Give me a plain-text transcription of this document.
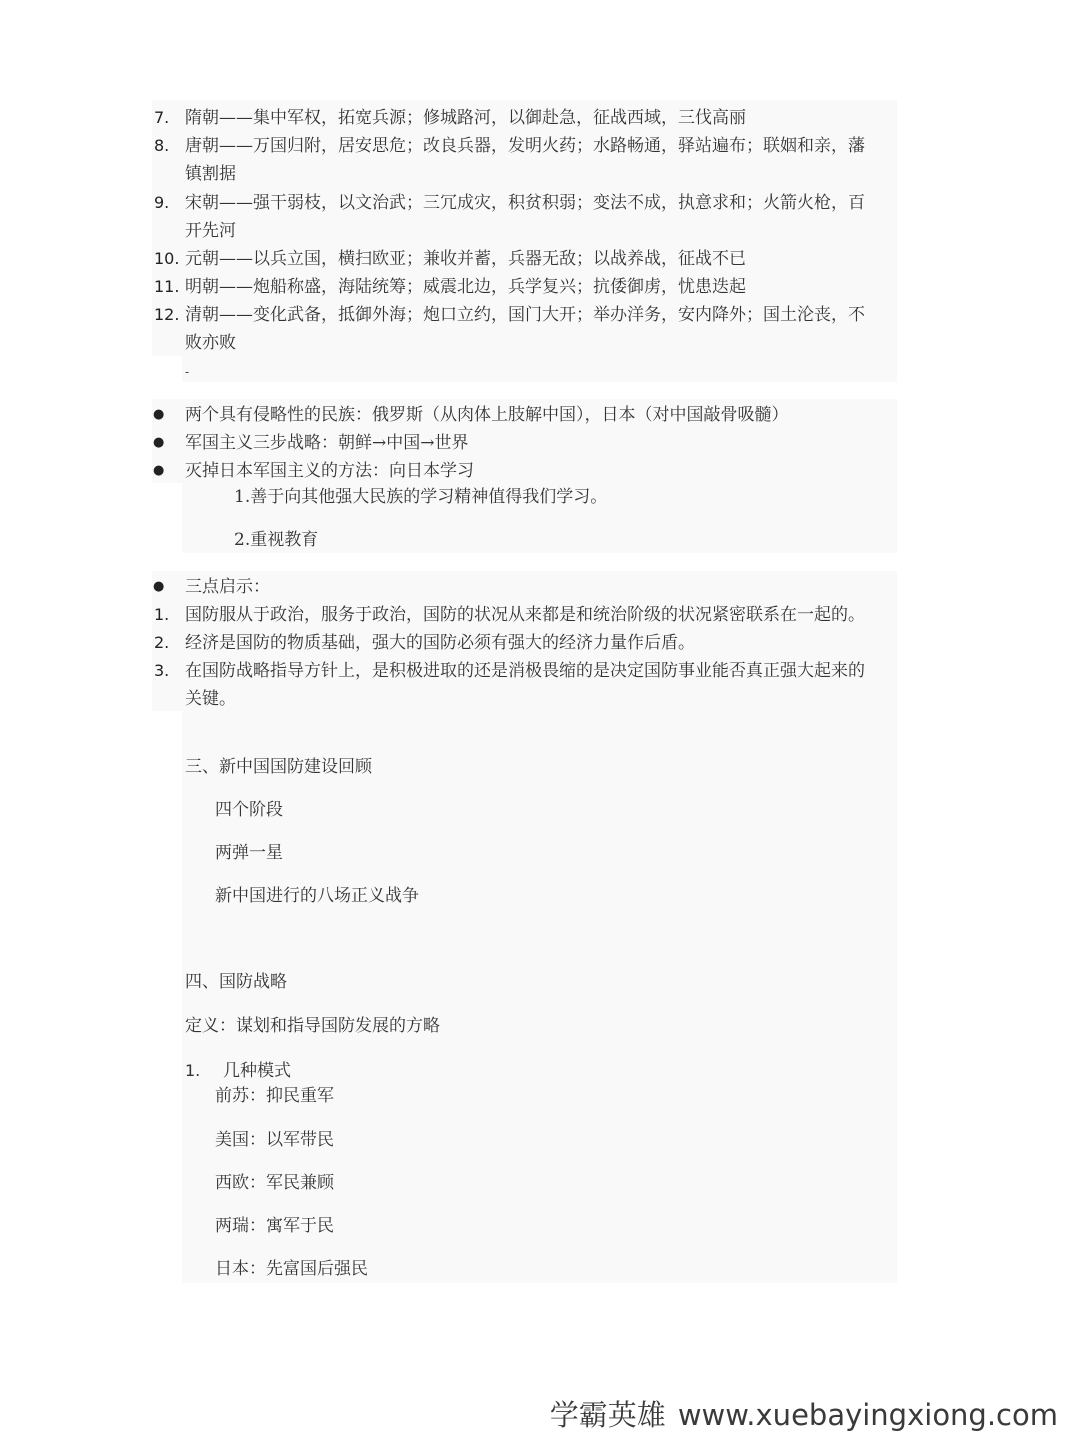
7. 隋朝——集中军权，拓宽兵源；修城路河，以御赴急，征战西域，三伐高丽
8. 唐朝——万国归附，居安思危；改良兵器，发明火药；水路畅通，驿站遍布；联姻和亲，藩
镇割据
9. 宋朝——强干弱枝，以文治武；三冗成灾，积贫积弱；变法不成，执意求和；火箭火枪，百
开先河
10. 元朝——以兵立国，横扫欧亚；兼收并蓄，兵器无敌；以战养战，征战不已
11. 明朝——炮船称盛，海陆统筹；威震北边，兵学复兴；抗倭御虏，忧患迭起
12. 清朝——变化武备，抵御外海；炮口立约，国门大开；举办洋务，安内降外；国土沦丧，不
败亦败
-
● 两个具有侵略性的民族：俄罗斯（从肉体上肢解中国），日本（对中国敲骨吸髓）
● 军国主义三步战略：朝鲜→中国→世界
● 灭掉日本军国主义的方法：向日本学习
1.善于向其他强大民族的学习精神值得我们学习。
2.重视教育
● 三点启示：
1. 国防服从于政治，服务于政治，国防的状况从来都是和统治阶级的状况紧密联系在一起的。
2. 经济是国防的物质基础，强大的国防必须有强大的经济力量作后盾。
3. 在国防战略指导方针上，是积极进取的还是消极畏缩的是决定国防事业能否真正强大起来的
关键。
三、新中国国防建设回顾
四个阶段
两弹一星
新中国进行的八场正义战争
四、国防战略
定义：谋划和指导国防发展的方略
1. 几种模式
前苏：抑民重军
美国：以军带民
西欧：军民兼顾
两瑞：寓军于民
日本：先富国后强民
学霸英雄 www.xuebayingxiong.com
